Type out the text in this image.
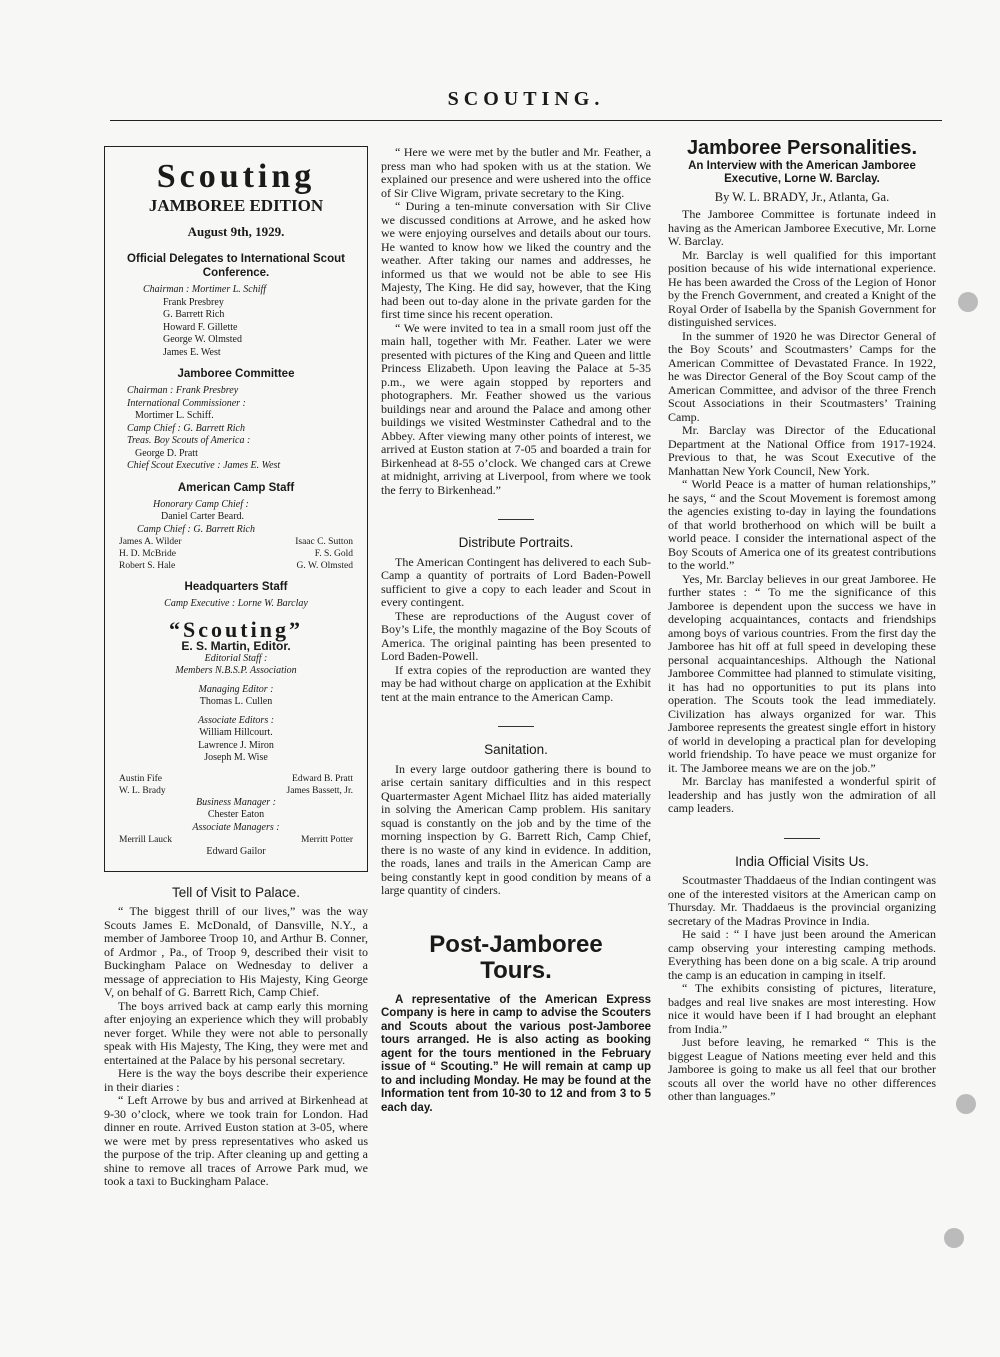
SCOUTING.
Scouting
JAMBOREE EDITION
August 9th, 1929.
Official Delegates to International Scout Conference.
Chairman : Mortimer L. Schiff
Frank Presbrey
G. Barrett Rich
Howard F. Gillette
George W. Olmsted
James E. West
Jamboree Committee
Chairman : Frank Presbrey
International Commissioner :
Mortimer L. Schiff.
Camp Chief : G. Barrett Rich
Treas. Boy Scouts of America :
George D. Pratt
Chief Scout Executive : James E. West
American Camp Staff
Honorary Camp Chief :
Daniel Carter Beard.
Camp Chief : G. Barrett Rich
James A. Wilder	Isaac C. Sutton
H. D. McBride	F. S. Gold
Robert S. Hale	G. W. Olmsted
Headquarters Staff
Camp Executive : Lorne W. Barclay
“Scouting”
E. S. Martin, Editor.
Editorial Staff :
Members N.B.S.P. Association
Managing Editor :
Thomas L. Cullen
Associate Editors :
William Hillcourt.
Lawrence J. Miron
Joseph M. Wise
Austin Fife	Edward B. Pratt
W. L. Brady	James Bassett, Jr.
Business Manager :
Chester Eaton
Associate Managers :
Merrill Lauck	Merritt Potter
Edward Gailor
Tell of Visit to Palace.

“ The biggest thrill of our lives,” was the way Scouts James E. McDonald, of Dansville, N.Y., a member of Jamboree Troop 10, and Arthur B. Conner, of Ardmor , Pa., of Troop 9, described their visit to Buckingham Palace on Wednesday to deliver a message of appreciation to His Majesty, King George V, on behalf of G. Barrett Rich, Camp Chief.

The boys arrived back at camp early this morning after enjoying an experience which they will probably never forget. While they were not able to personally speak with His Majesty, The King, they were met and entertained at the Palace by his personal secretary.

Here is the way the boys describe their experience in their diaries :

“ Left Arrowe by bus and arrived at Birkenhead at 9-30 o’clock, where we took train for London. Had dinner en route. Arrived Euston station at 3-05, where we were met by press representatives who asked us the purpose of the trip. After cleaning up and getting a shine to remove all traces of Arrowe Park mud, we took a taxi to Buckingham Palace.

“ Here we were met by the butler and Mr. Feather, a press man who had spoken with us at the station. We explained our presence and were ushered into the office of Sir Clive Wigram, private secretary to the King.

“ During a ten-minute conversation with Sir Clive we discussed conditions at Arrowe, and he asked how we were enjoying ourselves and details about our tours. He wanted to know how we liked the country and the weather. After taking our names and addresses, he informed us that we would not be able to see His Majesty, The King. He did say, however, that the King had been out to-day alone in the private garden for the first time since his recent operation.

“ We were invited to tea in a small room just off the main hall, together with Mr. Feather. Later we were presented with pictures of the King and Queen and little Princess Elizabeth. Upon leaving the Palace at 5-35 p.m., we were again stopped by reporters and photographers. Mr. Feather showed us the various buildings near and around the Palace and among other buildings we visited Westminster Cathedral and to the Abbey. After viewing many other points of interest, we arrived at Euston station at 7-05 and boarded a train for Birkenhead at 8-55 o’clock. We changed cars at Crewe at midnight, arriving at Liverpool, from where we took the ferry to Birkenhead.”

Distribute Portraits.

The American Contingent has delivered to each Sub-Camp a quantity of portraits of Lord Baden-Powell sufficient to give a copy to each leader and Scout in every contingent.

These are reproductions of the August cover of Boy’s Life, the monthly magazine of the Boy Scouts of America. The original painting has been presented to Lord Baden-Powell.

If extra copies of the reproduction are wanted they may be had without charge on application at the Exhibit tent at the main entrance to the American Camp.

Sanitation.

In every large outdoor gathering there is bound to arise certain sanitary difficulties and in this respect Quartermaster Agent Michael Ilitz has aided materially in solving the American Camp problem. His sanitary squad is constantly on the job and by the time of the morning inspection by G. Barrett Rich, Camp Chief, there is no waste of any kind in evidence. In addition, the roads, lanes and trails in the American Camp are being constantly kept in good condition by means of a large quantity of cinders.

Post-Jamboree
Tours.

A representative of the American Express Company is here in camp to advise the Scouters and Scouts about the various post-Jamboree tours arranged. He is also acting as booking agent for the tours mentioned in the February issue of “ Scouting.” He will remain at camp up to and including Monday. He may be found at the Information tent from 10-30 to 12 and from 3 to 5 each day.

Jamboree Personalities.
An Interview with the American Jamboree Executive, Lorne W. Barclay.
By W. L. BRADY, Jr., Atlanta, Ga.

The Jamboree Committee is fortunate indeed in having as the American Jamboree Executive, Mr. Lorne W. Barclay.

Mr. Barclay is well qualified for this important position because of his wide international experience. He has been awarded the Cross of the Legion of Honor by the French Government, and created a Knight of the Royal Order of Isabella by the Spanish Government for distinguished services.

In the summer of 1920 he was Director General of the Boy Scouts’ and Scoutmasters’ Camps for the American Committee of Devastated France. In 1922, he was Director General of the Boy Scout camp of the American Committee, and advisor of the three French Scout Associations in their Scoutmasters’ Training Camp.

Mr. Barclay was Director of the Educational Department at the National Office from 1917-1924. Previous to that, he was Scout Executive of the Manhattan New York Council, New York.

“ World Peace is a matter of human relationships,” he says, “ and the Scout Movement is foremost among the agencies existing to-day in laying the foundations of that world brotherhood on which will be built a world peace. I consider the international aspect of the Boy Scouts of America one of its greatest contributions to the world.”

Yes, Mr. Barclay believes in our great Jamboree. He further states : “ To me the significance of this Jamboree is dependent upon the success we have in developing acquaintances, contacts and friendships among boys of various countries. From the first day the Jamboree has hit off at full speed in developing these personal acquaintanceships. Although the National Jamboree Committee had planned to stimulate visiting, it has had no opportunities to put its plans into operation. The Scouts took the lead immediately. Civilization has always organized for war. This Jamboree represents the greatest single effort in history of world in developing a practical plan for developing world friendship. To have peace we must organize for it. The Jamboree means we are on the job.”

Mr. Barclay has manifested a wonderful spirit of leadership and has justly won the admiration of all camp leaders.

India Official Visits Us.

Scoutmaster Thaddaeus of the Indian contingent was one of the interested visitors at the American camp on Thursday. Mr. Thaddaeus is the provincial organizing secretary of the Madras Province in India.

He said : “ I have just been around the American camp observing your interesting camping methods. Everything has been done on a big scale. A trip around the camp is an education in camping in itself.

“ The exhibits consisting of pictures, literature, badges and real live snakes are most interesting. How nice it would have been if I had brought an elephant from India.”

Just before leaving, he remarked “ This is the biggest League of Nations meeting ever held and this Jamboree is going to make us all feel that our brother scouts all over the world have no other differences other than languages.”
